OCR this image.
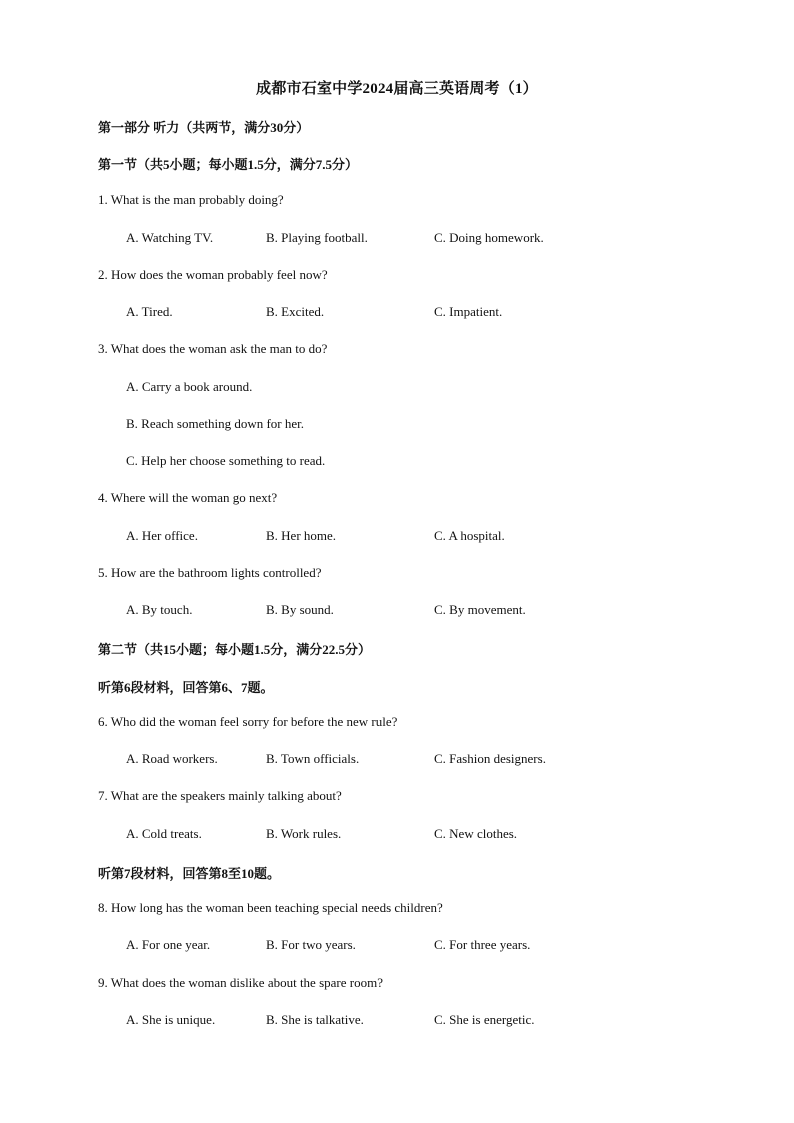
成都市石室中学2024届高三英语周考（1）
第一部分 听力（共两节，满分30分）
第一节（共5小题；每小题1.5分，满分7.5分）
1. What is the man probably doing?
A. Watching TV.	B. Playing football.	C. Doing homework.
2. How does the woman probably feel now?
A. Tired.	B. Excited.	C. Impatient.
3. What does the woman ask the man to do?
A. Carry a book around.
B. Reach something down for her.
C. Help her choose something to read.
4. Where will the woman go next?
A. Her office.	B. Her home.	C. A hospital.
5. How are the bathroom lights controlled?
A. By touch.	B. By sound.	C. By movement.
第二节（共15小题；每小题1.5分，满分22.5分）
听第6段材料，回答第6、7题。
6. Who did the woman feel sorry for before the new rule?
A. Road workers.	B. Town officials.	C. Fashion designers.
7. What are the speakers mainly talking about?
A. Cold treats.	B. Work rules.	C. New clothes.
听第7段材料，回答第8至10题。
8. How long has the woman been teaching special needs children?
A. For one year.	B. For two years.	C. For three years.
9. What does the woman dislike about the spare room?
A. She is unique.	B. She is talkative.	C. She is energetic.
